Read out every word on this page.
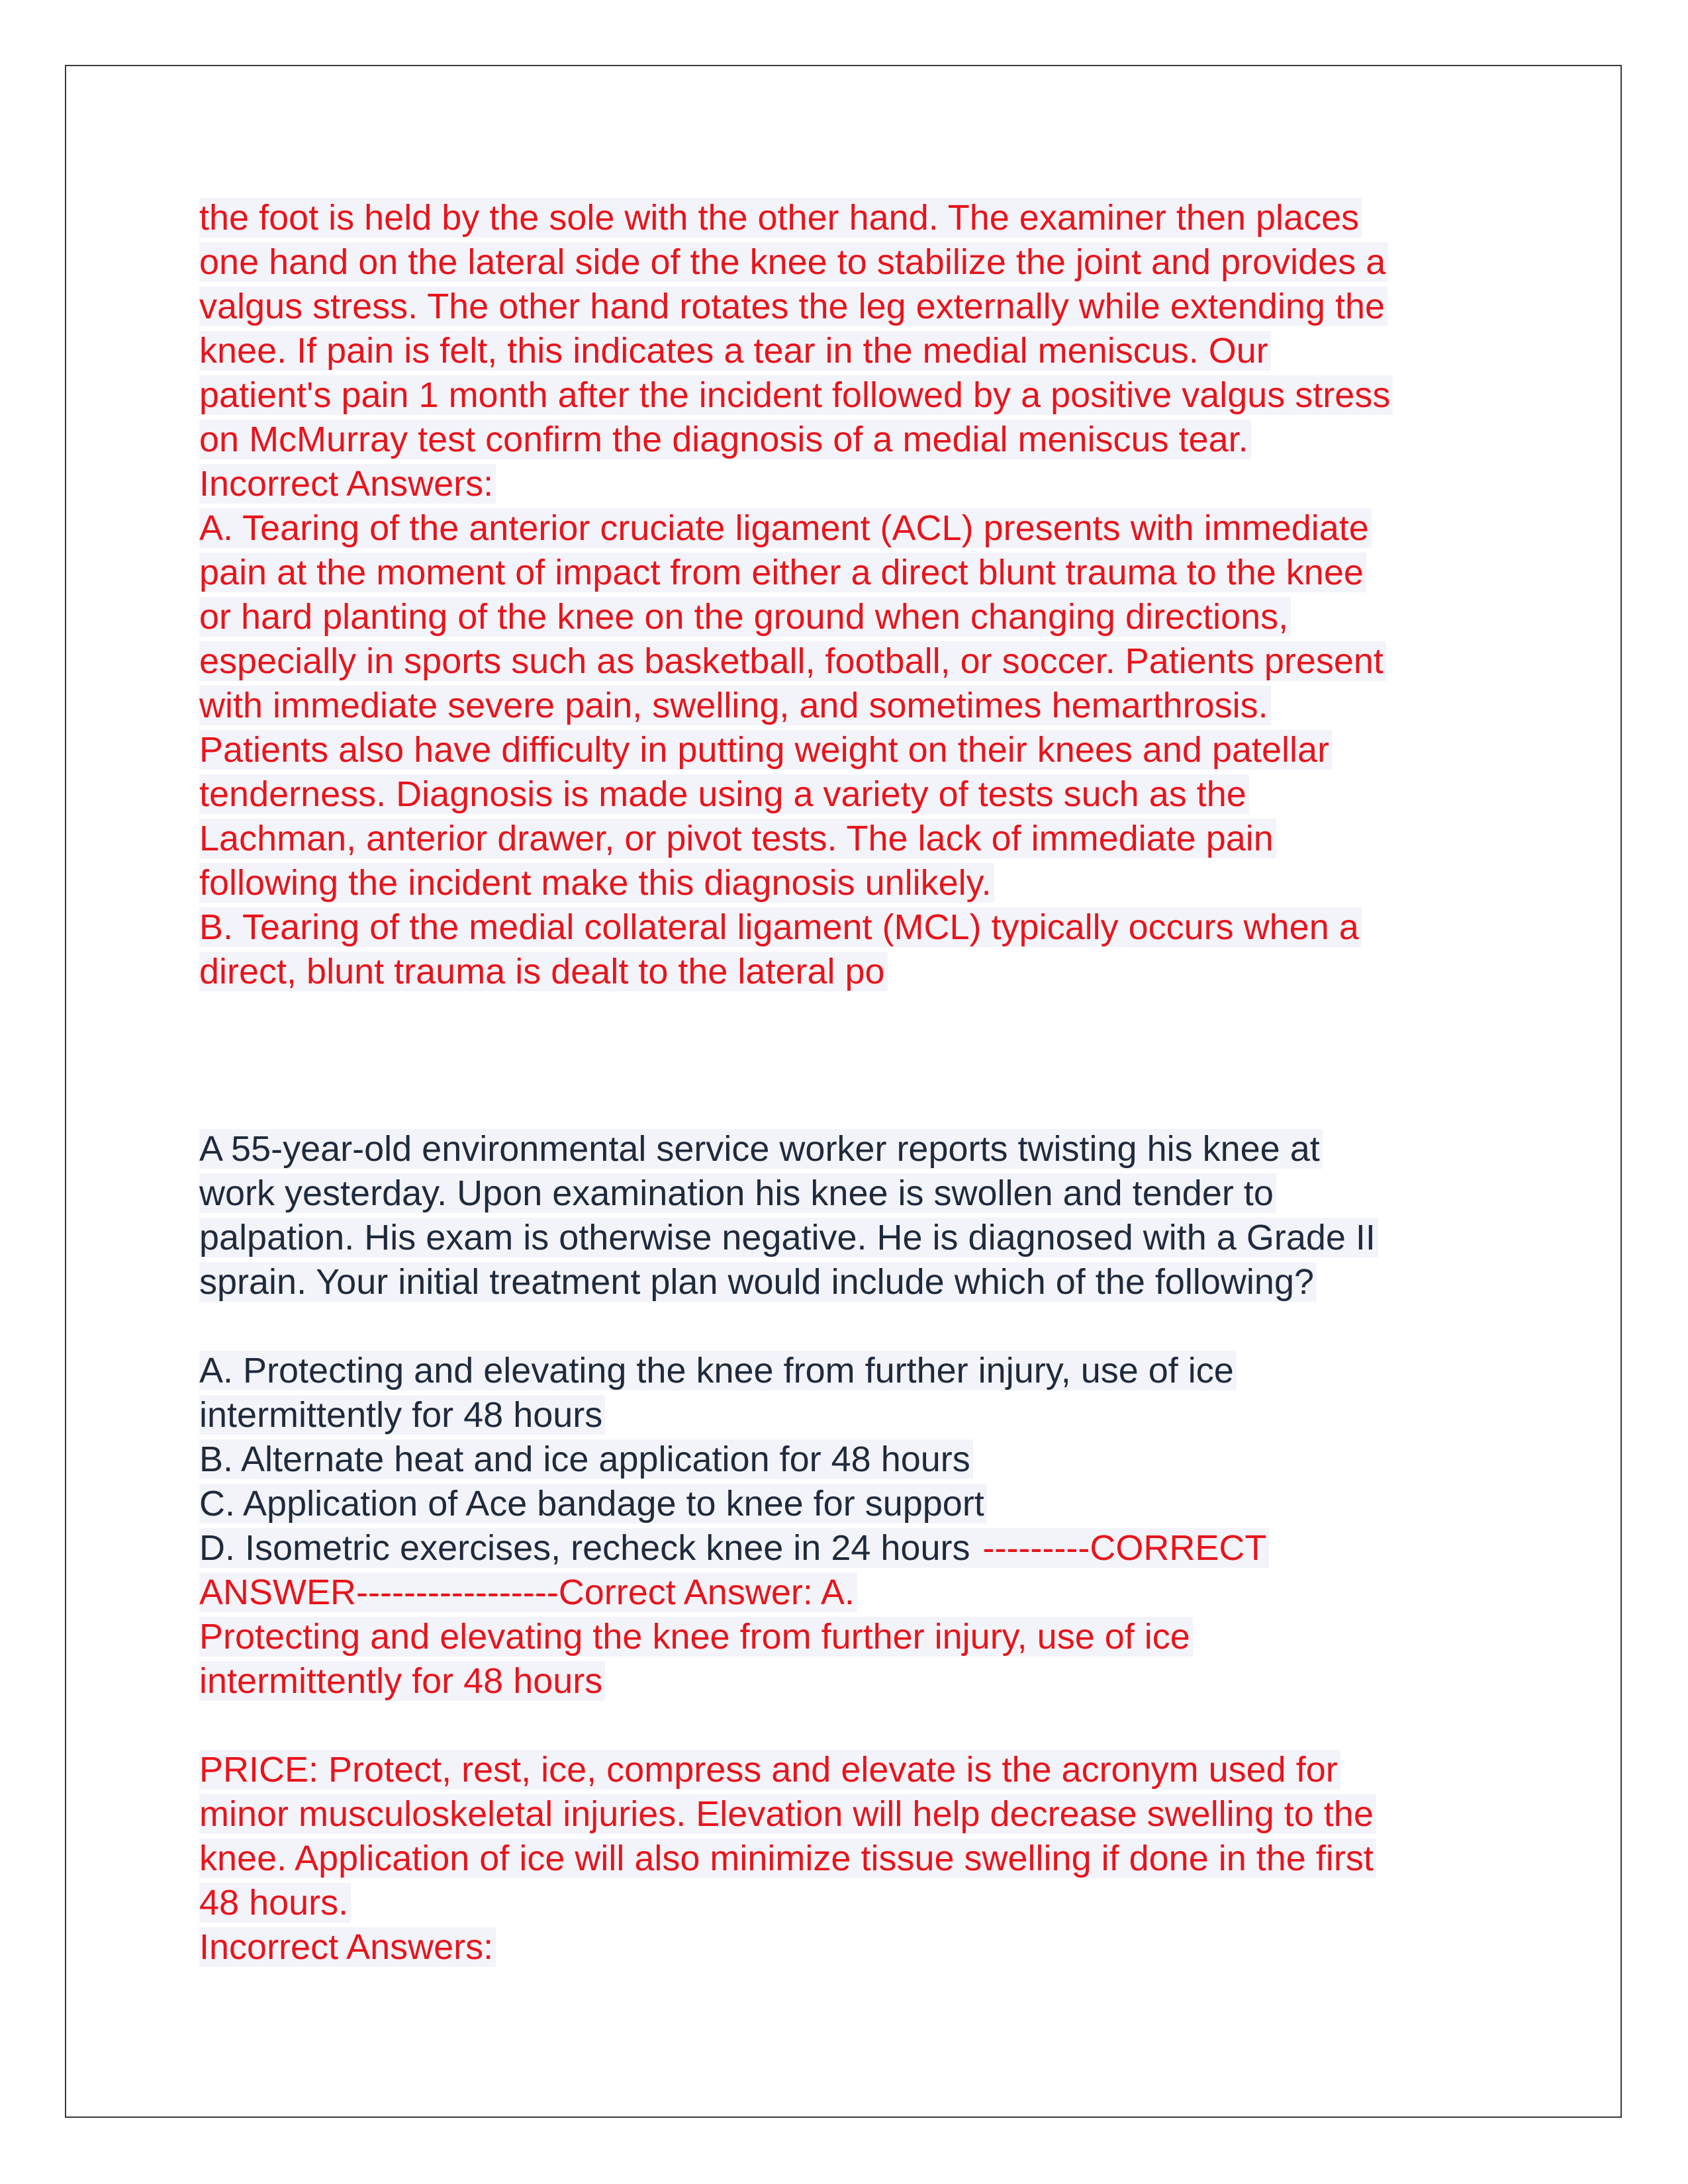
the foot is held by the sole with the other hand. The examiner then places
one hand on the lateral side of the knee to stabilize the joint and provides a
valgus stress. The other hand rotates the leg externally while extending the
knee. If pain is felt, this indicates a tear in the medial meniscus. Our
patient's pain 1 month after the incident followed by a positive valgus stress
on McMurray test confirm the diagnosis of a medial meniscus tear.
Incorrect Answers:
A. Tearing of the anterior cruciate ligament (ACL) presents with immediate
pain at the moment of impact from either a direct blunt trauma to the knee
or hard planting of the knee on the ground when changing directions,
especially in sports such as basketball, football, or soccer. Patients present
with immediate severe pain, swelling, and sometimes hemarthrosis.
Patients also have difficulty in putting weight on their knees and patellar
tenderness. Diagnosis is made using a variety of tests such as the
Lachman, anterior drawer, or pivot tests. The lack of immediate pain
following the incident make this diagnosis unlikely.
B. Tearing of the medial collateral ligament (MCL) typically occurs when a
direct, blunt trauma is dealt to the lateral po
A 55-year-old environmental service worker reports twisting his knee at
work yesterday. Upon examination his knee is swollen and tender to
palpation. His exam is otherwise negative. He is diagnosed with a Grade II
sprain. Your initial treatment plan would include which of the following?
A. Protecting and elevating the knee from further injury, use of ice
intermittently for 48 hours
B. Alternate heat and ice application for 48 hours
C. Application of Ace bandage to knee for support
D. Isometric exercises, recheck knee in 24 hours ---------CORRECT
ANSWER-----------------Correct Answer: A.
Protecting and elevating the knee from further injury, use of ice
intermittently for 48 hours
PRICE: Protect, rest, ice, compress and elevate is the acronym used for
minor musculoskeletal injuries. Elevation will help decrease swelling to the
knee. Application of ice will also minimize tissue swelling if done in the first
48 hours.
Incorrect Answers:
